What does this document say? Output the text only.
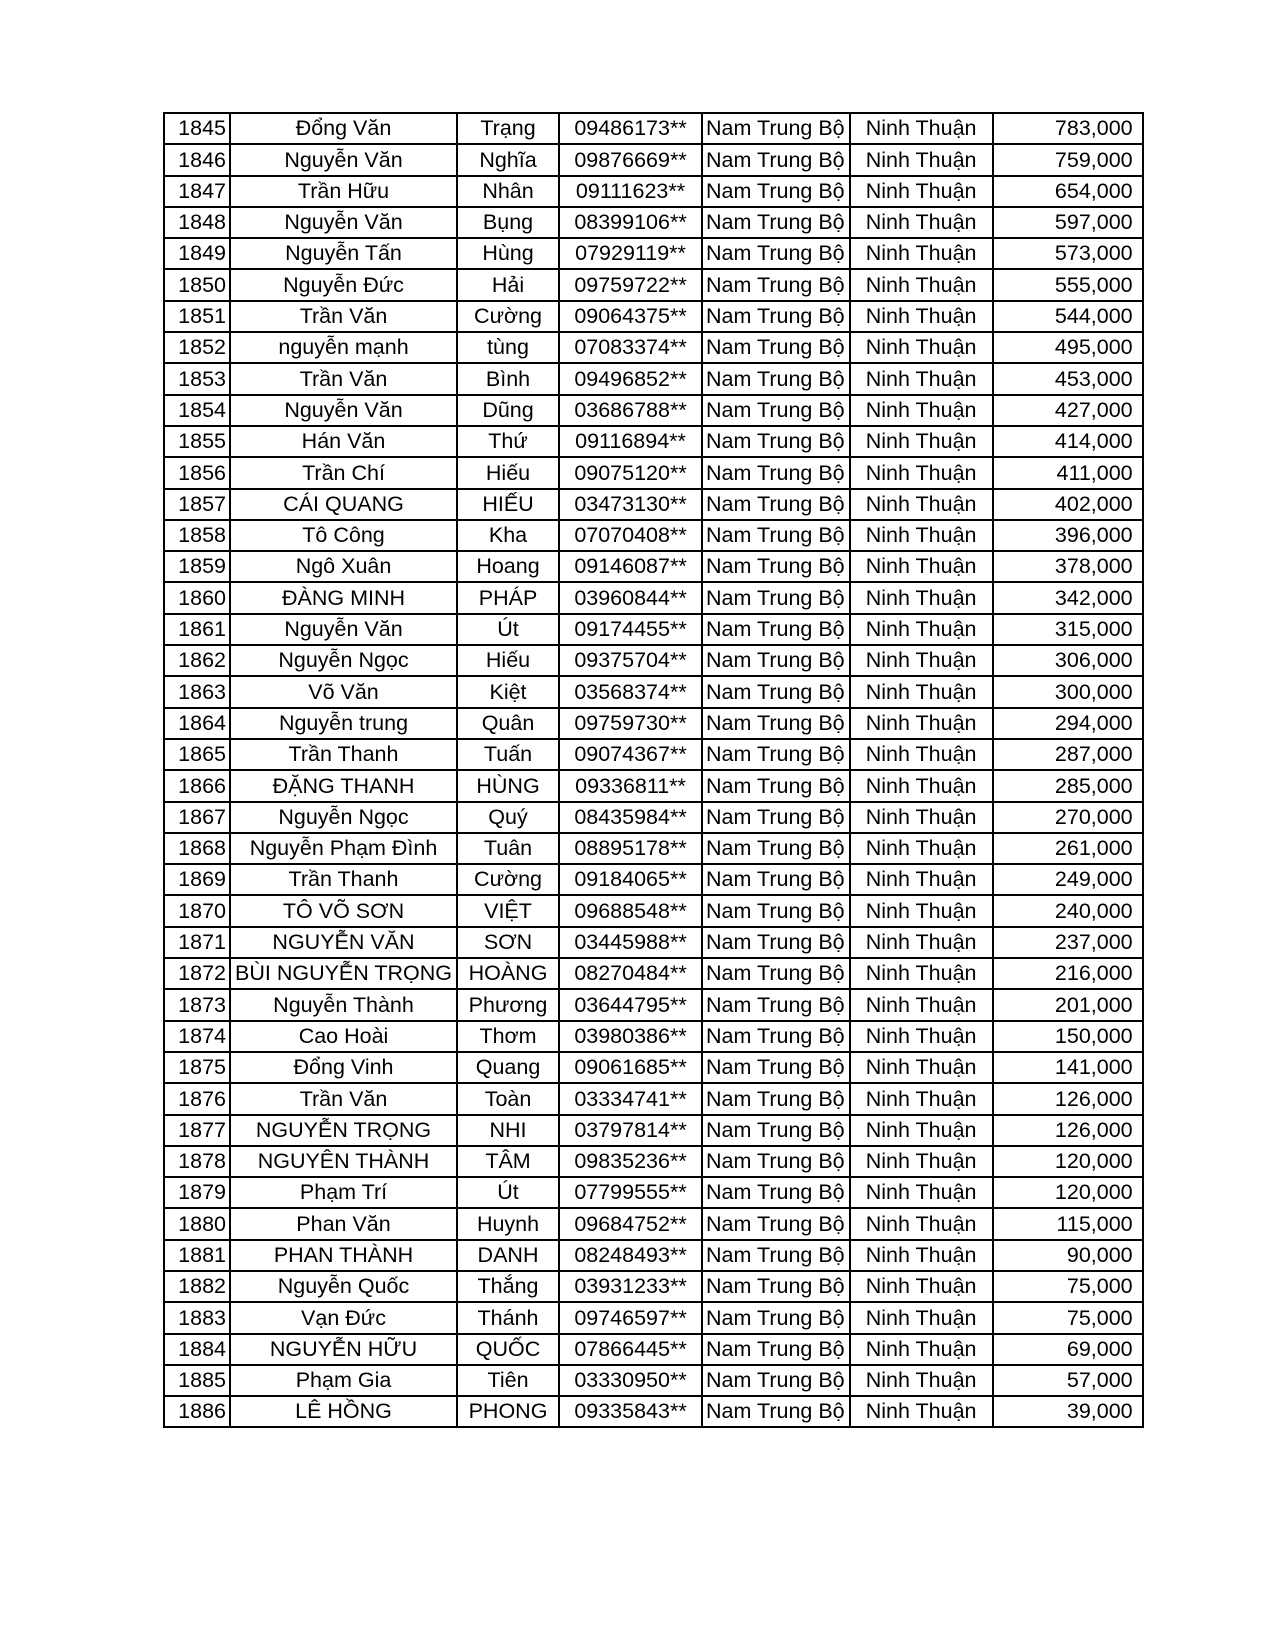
1845	Đổng Văn	Trạng	09486173**	Nam Trung Bộ	Ninh Thuận	783,000
1846	Nguyễn Văn	Nghĩa	09876669**	Nam Trung Bộ	Ninh Thuận	759,000
1847	Trần Hữu	Nhân	09111623**	Nam Trung Bộ	Ninh Thuận	654,000
1848	Nguyễn Văn	Bụng	08399106**	Nam Trung Bộ	Ninh Thuận	597,000
1849	Nguyễn Tấn	Hùng	07929119**	Nam Trung Bộ	Ninh Thuận	573,000
1850	Nguyễn Đức	Hải	09759722**	Nam Trung Bộ	Ninh Thuận	555,000
1851	Trần Văn	Cường	09064375**	Nam Trung Bộ	Ninh Thuận	544,000
1852	nguyễn mạnh	tùng	07083374**	Nam Trung Bộ	Ninh Thuận	495,000
1853	Trần Văn	Bình	09496852**	Nam Trung Bộ	Ninh Thuận	453,000
1854	Nguyễn Văn	Dũng	03686788**	Nam Trung Bộ	Ninh Thuận	427,000
1855	Hán Văn	Thứ	09116894**	Nam Trung Bộ	Ninh Thuận	414,000
1856	Trần Chí	Hiếu	09075120**	Nam Trung Bộ	Ninh Thuận	411,000
1857	CÁI QUANG	HIẾU	03473130**	Nam Trung Bộ	Ninh Thuận	402,000
1858	Tô Công	Kha	07070408**	Nam Trung Bộ	Ninh Thuận	396,000
1859	Ngô Xuân	Hoang	09146087**	Nam Trung Bộ	Ninh Thuận	378,000
1860	ĐÀNG MINH	PHÁP	03960844**	Nam Trung Bộ	Ninh Thuận	342,000
1861	Nguyễn Văn	Út	09174455**	Nam Trung Bộ	Ninh Thuận	315,000
1862	Nguyễn Ngọc	Hiếu	09375704**	Nam Trung Bộ	Ninh Thuận	306,000
1863	Võ Văn	Kiệt	03568374**	Nam Trung Bộ	Ninh Thuận	300,000
1864	Nguyễn trung	Quân	09759730**	Nam Trung Bộ	Ninh Thuận	294,000
1865	Trần Thanh	Tuấn	09074367**	Nam Trung Bộ	Ninh Thuận	287,000
1866	ĐẶNG THANH	HÙNG	09336811**	Nam Trung Bộ	Ninh Thuận	285,000
1867	Nguyễn Ngọc	Quý	08435984**	Nam Trung Bộ	Ninh Thuận	270,000
1868	Nguyễn Phạm Đình	Tuân	08895178**	Nam Trung Bộ	Ninh Thuận	261,000
1869	Trần Thanh	Cường	09184065**	Nam Trung Bộ	Ninh Thuận	249,000
1870	TÔ VÕ SƠN	VIỆT	09688548**	Nam Trung Bộ	Ninh Thuận	240,000
1871	NGUYỄN VĂN	SƠN	03445988**	Nam Trung Bộ	Ninh Thuận	237,000
1872	BÙI NGUYỄN TRỌNG	HOÀNG	08270484**	Nam Trung Bộ	Ninh Thuận	216,000
1873	Nguyễn Thành	Phương	03644795**	Nam Trung Bộ	Ninh Thuận	201,000
1874	Cao Hoài	Thơm	03980386**	Nam Trung Bộ	Ninh Thuận	150,000
1875	Đổng Vinh	Quang	09061685**	Nam Trung Bộ	Ninh Thuận	141,000
1876	Trần Văn	Toàn	03334741**	Nam Trung Bộ	Ninh Thuận	126,000
1877	NGUYỄN TRỌNG	NHI	03797814**	Nam Trung Bộ	Ninh Thuận	126,000
1878	NGUYÊN THÀNH	TÂM	09835236**	Nam Trung Bộ	Ninh Thuận	120,000
1879	Phạm Trí	Út	07799555**	Nam Trung Bộ	Ninh Thuận	120,000
1880	Phan Văn	Huynh	09684752**	Nam Trung Bộ	Ninh Thuận	115,000
1881	PHAN THÀNH	DANH	08248493**	Nam Trung Bộ	Ninh Thuận	90,000
1882	Nguyễn Quốc	Thắng	03931233**	Nam Trung Bộ	Ninh Thuận	75,000
1883	Vạn Đức	Thánh	09746597**	Nam Trung Bộ	Ninh Thuận	75,000
1884	NGUYỄN HỮU	QUỐC	07866445**	Nam Trung Bộ	Ninh Thuận	69,000
1885	Phạm Gia	Tiên	03330950**	Nam Trung Bộ	Ninh Thuận	57,000
1886	LÊ HỒNG	PHONG	09335843**	Nam Trung Bộ	Ninh Thuận	39,000
